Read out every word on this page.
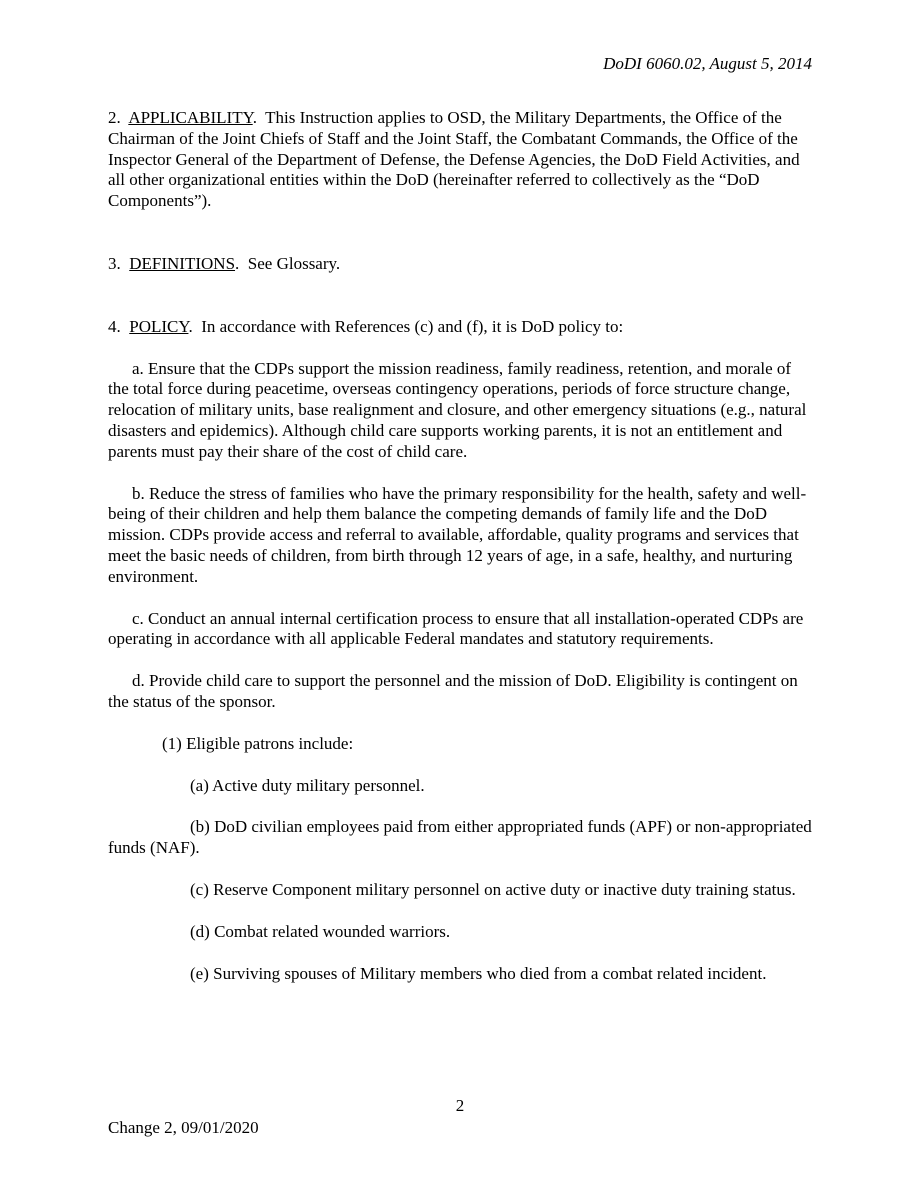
DoDI 6060.02, August 5, 2014

2. APPLICABILITY.  This Instruction applies to OSD, the Military Departments, the Office of the Chairman of the Joint Chiefs of Staff and the Joint Staff, the Combatant Commands, the Office of the Inspector General of the Department of Defense, the Defense Agencies, the DoD Field Activities, and all other organizational entities within the DoD (hereinafter referred to collectively as the “DoD Components”).

3. DEFINITIONS.  See Glossary.

4. POLICY.  In accordance with References (c) and (f), it is DoD policy to:

a. Ensure that the CDPs support the mission readiness, family readiness, retention, and morale of the total force during peacetime, overseas contingency operations, periods of force structure change, relocation of military units, base realignment and closure, and other emergency situations (e.g., natural disasters and epidemics). Although child care supports working parents, it is not an entitlement and parents must pay their share of the cost of child care.

b. Reduce the stress of families who have the primary responsibility for the health, safety and well-being of their children and help them balance the competing demands of family life and the DoD mission. CDPs provide access and referral to available, affordable, quality programs and services that meet the basic needs of children, from birth through 12 years of age, in a safe, healthy, and nurturing environment.

c. Conduct an annual internal certification process to ensure that all installation-operated CDPs are operating in accordance with all applicable Federal mandates and statutory requirements.

d. Provide child care to support the personnel and the mission of DoD. Eligibility is contingent on the status of the sponsor.

(1) Eligible patrons include:

(a) Active duty military personnel.

(b) DoD civilian employees paid from either appropriated funds (APF) or non-appropriated funds (NAF).

(c) Reserve Component military personnel on active duty or inactive duty training status.

(d) Combat related wounded warriors.

(e) Surviving spouses of Military members who died from a combat related incident.

2
Change 2, 09/01/2020
